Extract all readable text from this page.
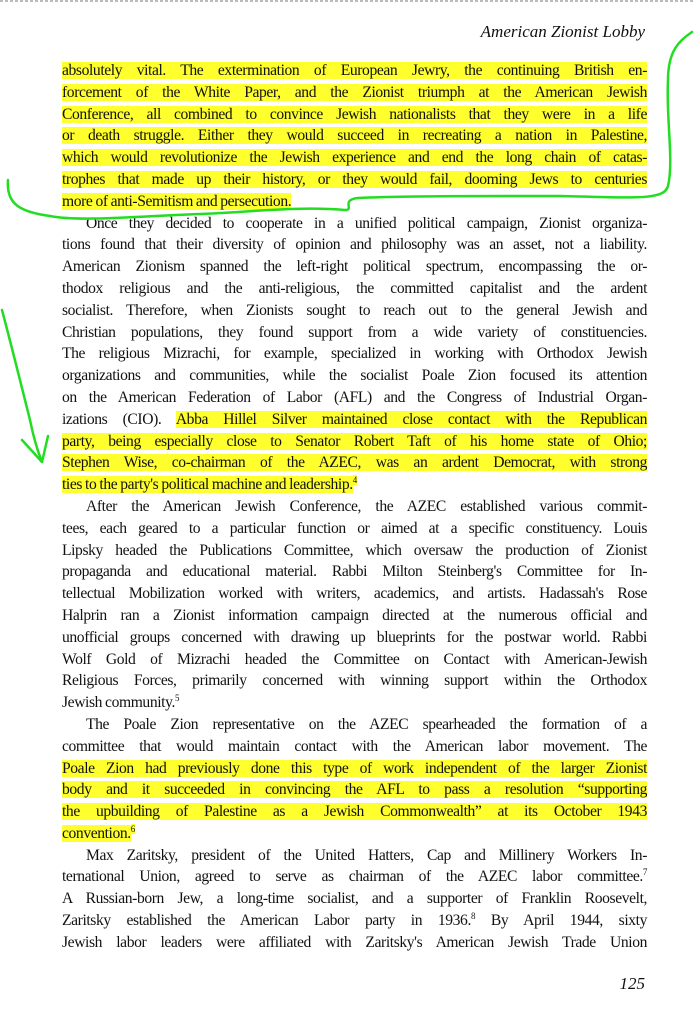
American Zionist Lobby
absolutely vital. The extermination of European Jewry, the continuing British en-
forcement of the White Paper, and the Zionist triumph at the American Jewish
Conference, all combined to convince Jewish nationalists that they were in a life
or death struggle. Either they would succeed in recreating a nation in Palestine,
which would revolutionize the Jewish experience and end the long chain of catas-
trophes that made up their history, or they would fail, dooming Jews to centuries
more of anti-Semitism and persecution.
Once they decided to cooperate in a unified political campaign, Zionist organiza-
tions found that their diversity of opinion and philosophy was an asset, not a liability.
American Zionism spanned the left-right political spectrum, encompassing the or-
thodox religious and the anti-religious, the committed capitalist and the ardent
socialist. Therefore, when Zionists sought to reach out to the general Jewish and
Christian populations, they found support from a wide variety of constituencies.
The religious Mizrachi, for example, specialized in working with Orthodox Jewish
organizations and communities, while the socialist Poale Zion focused its attention
on the American Federation of Labor (AFL) and the Congress of Industrial Organ-
izations (CIO). Abba Hillel Silver maintained close contact with the Republican
party, being especially close to Senator Robert Taft of his home state of Ohio;
Stephen Wise, co-chairman of the AZEC, was an ardent Democrat, with strong
ties to the party's political machine and leadership.$^4$
After the American Jewish Conference, the AZEC established various commit-
tees, each geared to a particular function or aimed at a specific constituency. Louis
Lipsky headed the Publications Committee, which oversaw the production of Zionist
propaganda and educational material. Rabbi Milton Steinberg's Committee for In-
tellectual Mobilization worked with writers, academics, and artists. Hadassah's Rose
Halprin ran a Zionist information campaign directed at the numerous official and
unofficial groups concerned with drawing up blueprints for the postwar world. Rabbi
Wolf Gold of Mizrachi headed the Committee on Contact with American-Jewish
Religious Forces, primarily concerned with winning support within the Orthodox
Jewish community.$^5$
The Poale Zion representative on the AZEC spearheaded the formation of a
committee that would maintain contact with the American labor movement. The
Poale Zion had previously done this type of work independent of the larger Zionist
body and it succeeded in convincing the AFL to pass a resolution “supporting
the upbuilding of Palestine as a Jewish Commonwealth” at its October 1943
convention.$^6$
Max Zaritsky, president of the United Hatters, Cap and Millinery Workers In-
ternational Union, agreed to serve as chairman of the AZEC labor committee.$^7$
A Russian-born Jew, a long-time socialist, and a supporter of Franklin Roosevelt,
Zaritsky established the American Labor party in 1936.$^8$ By April 1944, sixty
Jewish labor leaders were affiliated with Zaritsky's American Jewish Trade Union
125
